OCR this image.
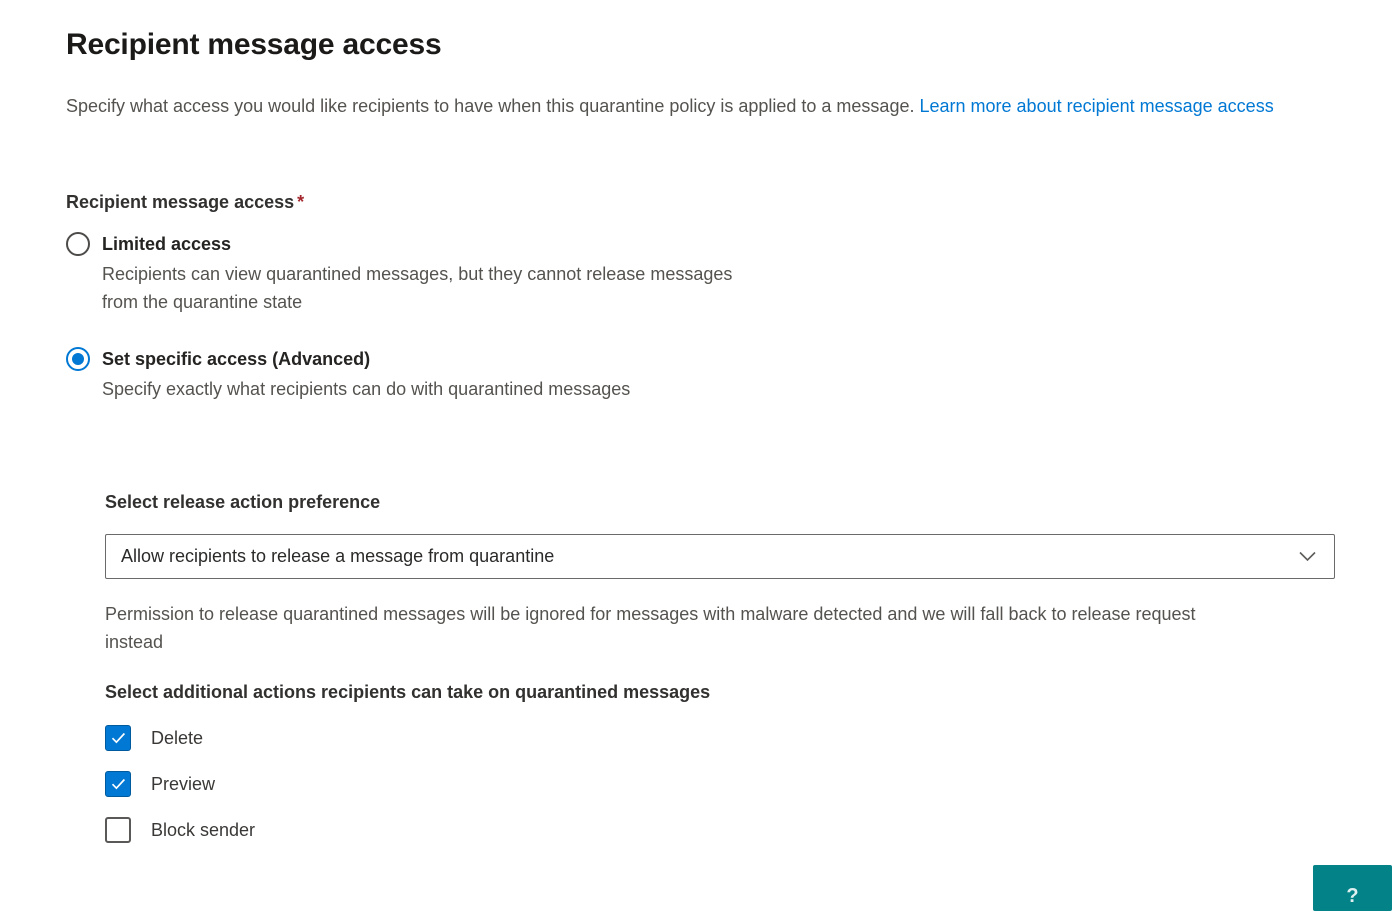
Recipient message access

Specify what access you would like recipients to have when this quarantine policy is applied to a message. Learn more about recipient message access

Recipient message access *
Limited access
Recipients can view quarantined messages, but they cannot release messages from the quarantine state
Set specific access (Advanced)
Specify exactly what recipients can do with quarantined messages
Select release action preference
Allow recipients to release a message from quarantine

Permission to release quarantined messages will be ignored for messages with malware detected and we will fall back to release request instead

Select additional actions recipients can take on quarantined messages
Delete
Preview
Block sender
?
